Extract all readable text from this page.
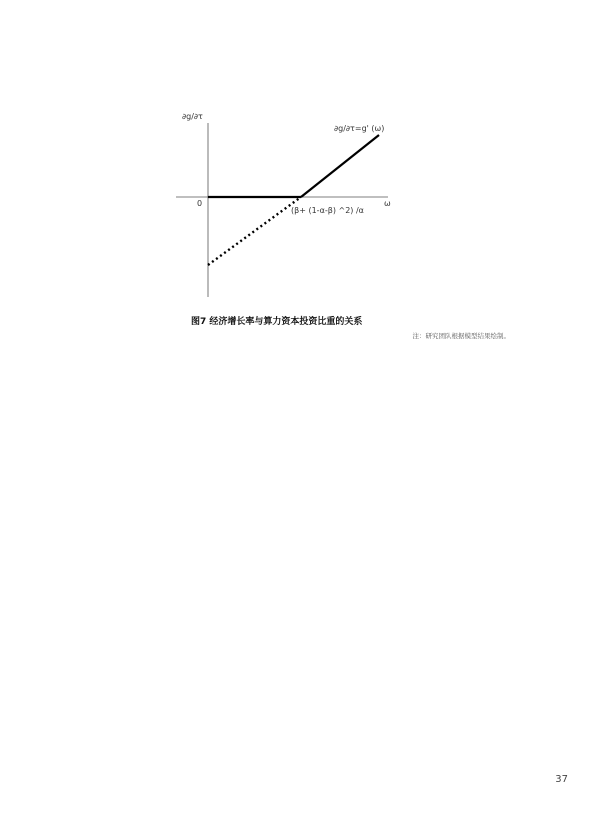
∂g/∂τ
ω
0
(β+ (1-α-β) ^2) /α
∂g/∂τ=g' (ω)
图7 经济增长率与算力资本投资比重的关系
注：研究团队根据模型结果绘制。
37
